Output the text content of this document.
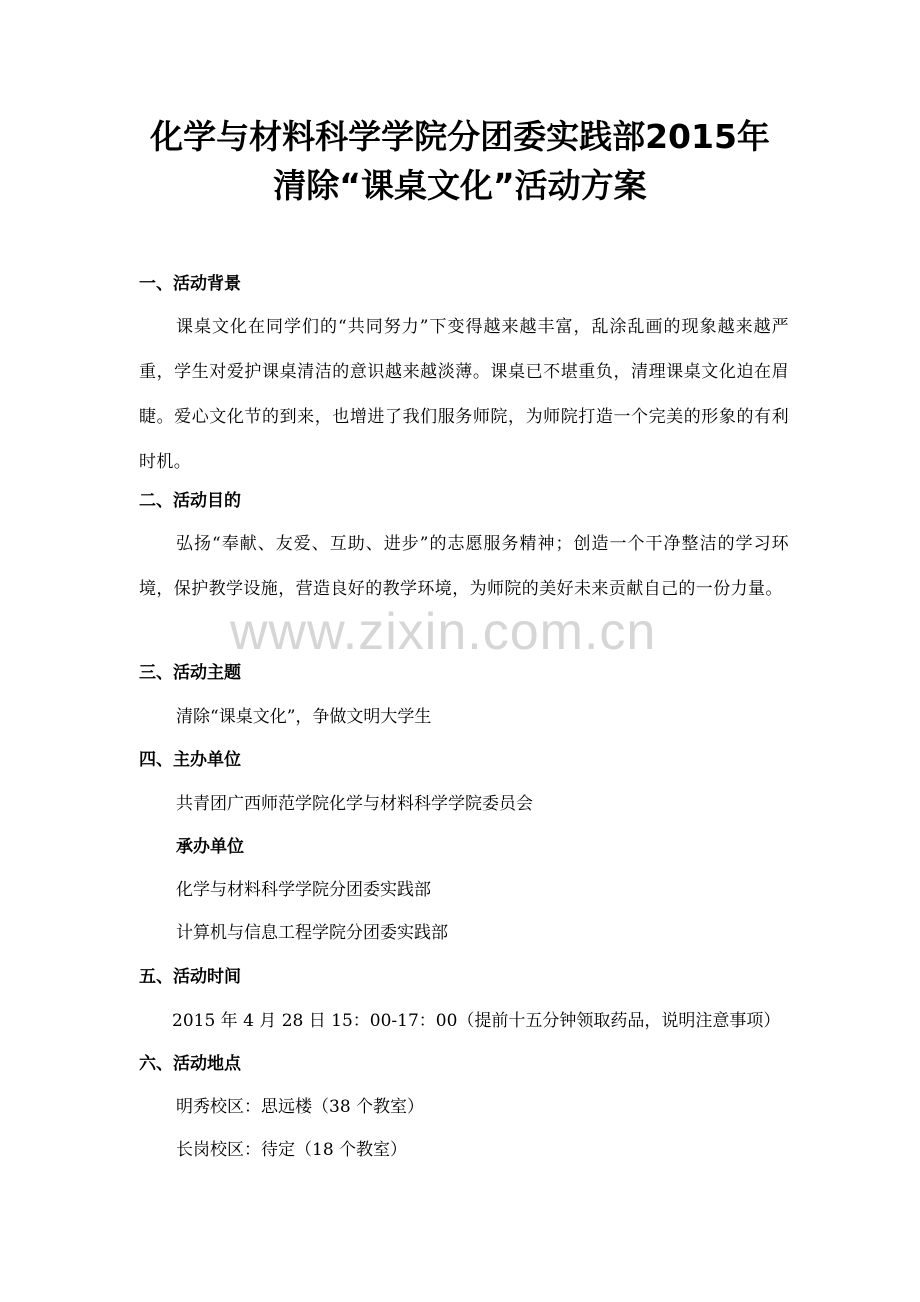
化学与材料科学学院分团委实践部2015年
清除“课桌文化”活动方案
一、活动背景
课桌文化在同学们的“共同努力”下变得越来越丰富，乱涂乱画的现象越来越严重，学生对爱护课桌清洁的意识越来越淡薄。课桌已不堪重负，清理课桌文化迫在眉睫。爱心文化节的到来，也增进了我们服务师院，为师院打造一个完美的形象的有利时机。
二、活动目的
弘扬“奉献、友爱、互助、进步”的志愿服务精神；创造一个干净整洁的学习环境，保护教学设施，营造良好的教学环境，为师院的美好未来贡献自己的一份力量。
www.zixin.com.cn
三、活动主题
清除“课桌文化”，争做文明大学生
四、主办单位
共青团广西师范学院化学与材料科学学院委员会
承办单位
化学与材料科学学院分团委实践部
计算机与信息工程学院分团委实践部
五、活动时间
2015 年 4 月 28 日 15：00-17：00（提前十五分钟领取药品，说明注意事项）
六、活动地点
明秀校区：思远楼（38 个教室）
长岗校区：待定（18 个教室）
